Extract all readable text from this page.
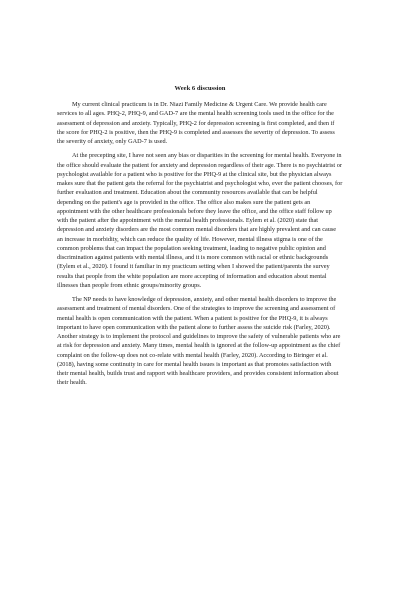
Week 6 discussion

My current clinical practicum is in Dr. Niazi Family Medicine & Urgent Care. We provide health care services to all ages. PHQ-2, PHQ-9, and GAD-7 are the mental health screening tools used in the office for the assessment of depression and anxiety. Typically, PHQ-2 for depression screening is first completed, and then if the score for PHQ-2 is positive, then the PHQ-9 is completed and assesses the severity of depression. To assess the severity of anxiety, only GAD-7 is used.

At the precepting site, I have not seen any bias or disparities in the screening for mental health. Everyone in the office should evaluate the patient for anxiety and depression regardless of their age. There is no psychiatrist or psychologist available for a patient who is positive for the PHQ-9 at the clinical site, but the physician always makes sure that the patient gets the referral for the psychiatrist and psychologist who, ever the patient chooses, for further evaluation and treatment. Education about the community resources available that can be helpful depending on the patient's age is provided in the office. The office also makes sure the patient gets an appointment with the other healthcare professionals before they leave the office, and the office staff follow up with the patient after the appointment with the mental health professionals. Eylem et al. (2020) state that depression and anxiety disorders are the most common mental disorders that are highly prevalent and can cause an increase in morbidity, which can reduce the quality of life. However, mental illness stigma is one of the common problems that can impact the population seeking treatment, leading to negative public opinion and discrimination against patients with mental illness, and it is more common with racial or ethnic backgrounds (Eylem et al., 2020). I found it familiar in my practicum setting when I showed the patient/parents the survey results that people from the white population are more accepting of information and education about mental illnesses than people from ethnic groups/minority groups.

The NP needs to have knowledge of depression, anxiety, and other mental health disorders to improve the assessment and treatment of mental disorders. One of the strategies to improve the screening and assessment of mental health is open communication with the patient. When a patient is positive for the PHQ-9, it is always important to have open communication with the patient alone to further assess the suicide risk (Farley, 2020). Another strategy is to implement the protocol and guidelines to improve the safety of vulnerable patients who are at risk for depression and anxiety. Many times, mental health is ignored at the follow-up appointment as the chief complaint on the follow-up does not co-relate with mental health (Farley, 2020). According to Biringer et al. (2018), having some continuity in care for mental health issues is important as that promotes satisfaction with their mental health, builds trust and rapport with healthcare providers, and provides consistent information about their health.
